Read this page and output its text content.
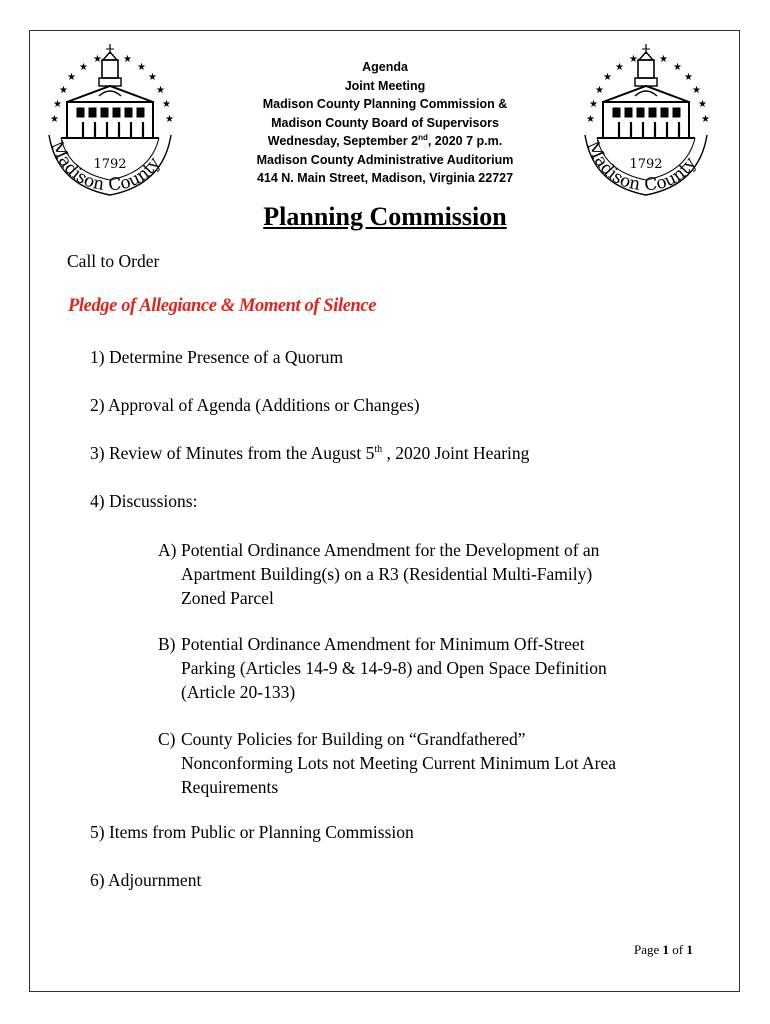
★
★
★
★
★
★ ★
★
★
★
★
★
1792
Madison County
★
★
★
★
★
★ ★
★
★
★
★
★
1792
Madison County
Agenda
Joint Meeting
Madison County Planning Commission &
Madison County Board of Supervisors
Wednesday, September 2nd, 2020 7 p.m.
Madison County Administrative Auditorium
414 N. Main Street, Madison, Virginia 22727
Planning Commission
Call to Order
Pledge of Allegiance & Moment of Silence
1) Determine Presence of a Quorum
2) Approval of Agenda (Additions or Changes)
3) Review of Minutes from the August 5th , 2020 Joint Hearing
4) Discussions:
A) Potential Ordinance Amendment for the Development of an
Apartment Building(s) on a R3 (Residential Multi-Family)
Zoned Parcel
B) Potential Ordinance Amendment for Minimum Off-Street
Parking (Articles 14-9 & 14-9-8) and Open Space Definition
(Article 20-133)
C) County Policies for Building on “Grandfathered”
Nonconforming Lots not Meeting Current Minimum Lot Area
Requirements
5) Items from Public or Planning Commission
6) Adjournment
Page 1 of 1
